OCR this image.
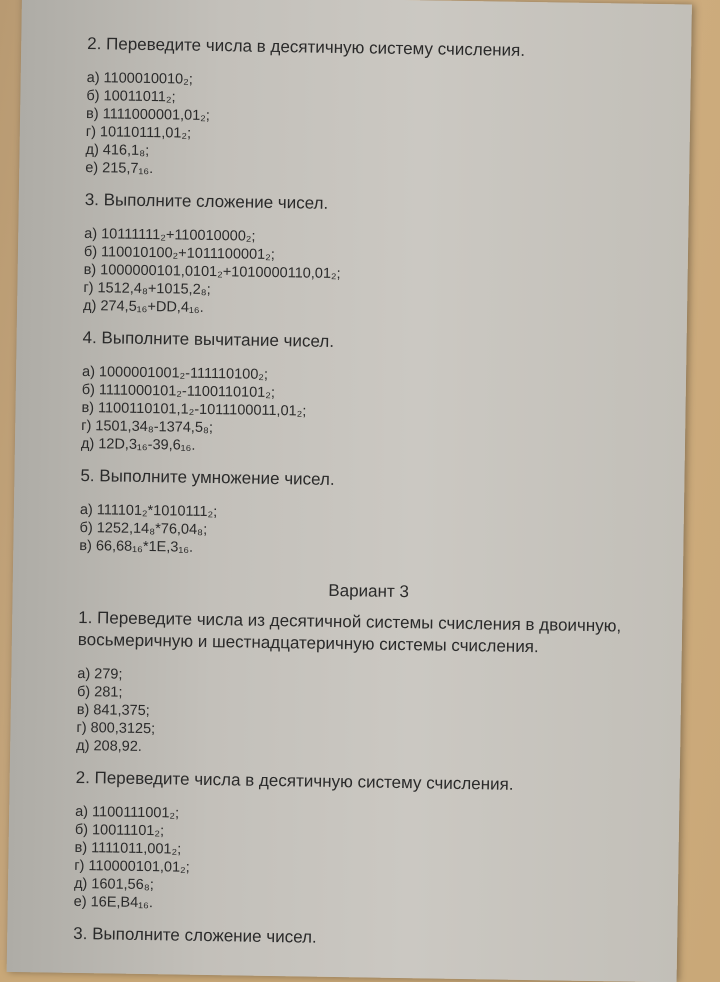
2. Переведите числа в десятичную систему счисления.
а) 1100010010₂;
б) 10011011₂;
в) 1111000001,01₂;
г) 10110111,01₂;
д) 416,1₈;
е) 215,7₁₆.
3. Выполните сложение чисел.
а) 10111111₂+110010000₂;
б) 110010100₂+1011100001₂;
в) 1000000101,0101₂+1010000110,01₂;
г) 1512,4₈+1015,2₈;
д) 274,5₁₆+DD,4₁₆.
4. Выполните вычитание чисел.
а) 1000001001₂-111110100₂;
б) 1111000101₂-1100110101₂;
в) 1100110101,1₂-1011100011,01₂;
г) 1501,34₈-1374,5₈;
д) 12D,3₁₆-39,6₁₆.
5. Выполните умножение чисел.
а) 111101₂*1010111₂;
б) 1252,14₈*76,04₈;
в) 66,68₁₆*1E,3₁₆.
Вариант 3
1. Переведите числа из десятичной системы счисления в двоичную, восьмеричную и шестнадцатеричную системы счисления.
а) 279;
б) 281;
в) 841,375;
г) 800,3125;
д) 208,92.
2. Переведите числа в десятичную систему счисления.
а) 1100111001₂;
б) 10011101₂;
в) 1111011,001₂;
г) 110000101,01₂;
д) 1601,56₈;
е) 16E,B4₁₆.
3. Выполните сложение чисел.
